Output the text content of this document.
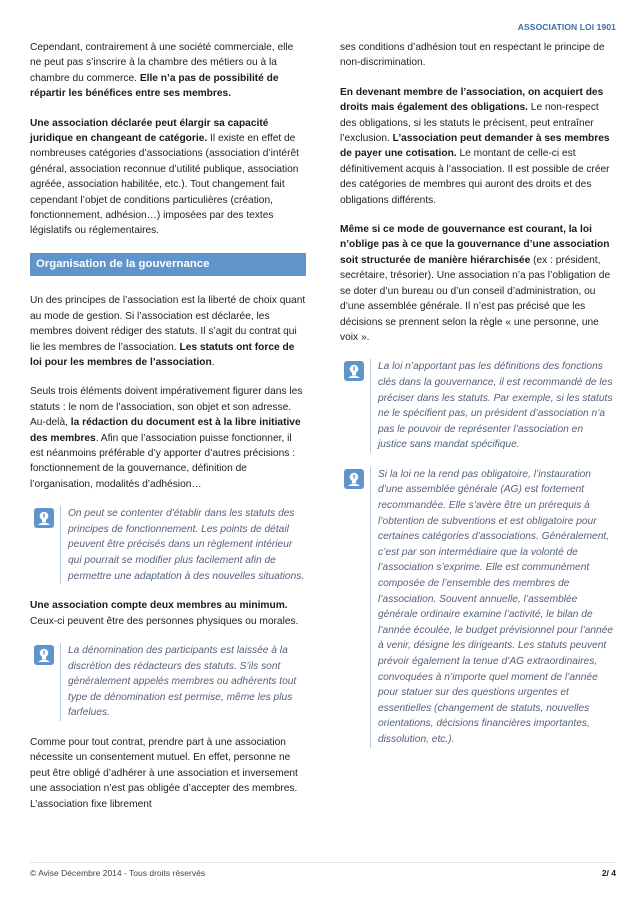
ASSOCIATION LOI 1901

Cependant, contrairement à une société commerciale, elle ne peut pas s’inscrire à la chambre des métiers ou à la chambre du commerce. Elle n’a pas de possibilité de répartir les bénéfices entre ses membres.

Une association déclarée peut élargir sa capacité juridique en changeant de catégorie. Il existe en effet de nombreuses catégories d’associations (association d’intérêt général, association reconnue d’utilité publique, association agréée, association habilitée, etc.). Tout changement fait cependant l’objet de conditions particulières (création, fonctionnement, adhésion…) imposées par des textes législatifs ou réglementaires.

Organisation de la gouvernance

Un des principes de l’association est la liberté de choix quant au mode de gestion. Si l’association est déclarée, les membres doivent rédiger des statuts. Il s’agit du contrat qui lie les membres de l’association. Les statuts ont force de loi pour les membres de l’association.

Seuls trois éléments doivent impérativement figurer dans les statuts : le nom de l’association, son objet et son adresse. Au-delà, la rédaction du document est à la libre initiative des membres. Afin que l’association puisse fonctionner, il est néanmoins préférable d’y apporter d’autres précisions : fonctionnement de la gouvernance, définition de l’organisation, modalités d’adhésion…

On peut se contenter d’établir dans les statuts des principes de fonctionnement. Les points de détail peuvent être précisés dans un règlement intérieur qui pourrait se modifier plus facilement afin de permettre une adaptation à des nouvelles situations.

Une association compte deux membres au minimum. Ceux-ci peuvent être des personnes physiques ou morales.

La dénomination des participants est laissée à la discrétion des rédacteurs des statuts. S’ils sont généralement appelés membres ou adhérents tout type de dénomination est permise, même les plus farfelues.

Comme pour tout contrat, prendre part à une association nécessite un consentement mutuel. En effet, personne ne peut être obligé d’adhérer à une association et inversement une association n’est pas obligée d’accepter des membres. L’association fixe librement

ses conditions d’adhésion tout en respectant le principe de non-discrimination.

En devenant membre de l’association, on acquiert des droits mais également des obligations. Le non-respect des obligations, si les statuts le précisent, peut entraîner l’exclusion. L’association peut demander à ses membres de payer une cotisation. Le montant de celle-ci est définitivement acquis à l’association. Il est possible de créer des catégories de membres qui auront des droits et des obligations différents.

Même si ce mode de gouvernance est courant, la loi n’oblige pas à ce que la gouvernance d’une association soit structurée de manière hiérarchisée (ex : président, secrétaire, trésorier). Une association n’a pas l’obligation de se doter d’un bureau ou d’un conseil d’administration, ou d’une assemblée générale. Il n’est pas précisé que les décisions se prennent selon la règle « une personne, une voix ».

La loi n’apportant pas les définitions des fonctions clés dans la gouvernance, il est recommandé de les préciser dans les statuts. Par exemple, si les statuts ne le spécifient pas, un président d’association n’a pas le pouvoir de représenter l’association en justice sans mandat spécifique.
Si la loi ne la rend pas obligatoire, l’instauration d’une assemblée générale (AG) est fortement recommandée. Elle s’avère être un prérequis à l’obtention de subventions et est obligatoire pour certaines catégories d’associations. Généralement, c’est par son intermédiaire que la volonté de l’association s’exprime. Elle est communément composée de l’ensemble des membres de l’association. Souvent annuelle, l’assemblée générale ordinaire examine l’activité, le bilan de l’année écoulée, le budget prévisionnel pour l’année à venir, désigne les dirigeants. Les statuts peuvent prévoir également la tenue d’AG extraordinaires, convoquées à n’importe quel moment de l’année pour statuer sur des questions urgentes et essentielles (changement de statuts, nouvelles orientations, décisions financières importantes, dissolution, etc.).
© Avise Décembre 2014 - Tous droits réservés	2/ 4
